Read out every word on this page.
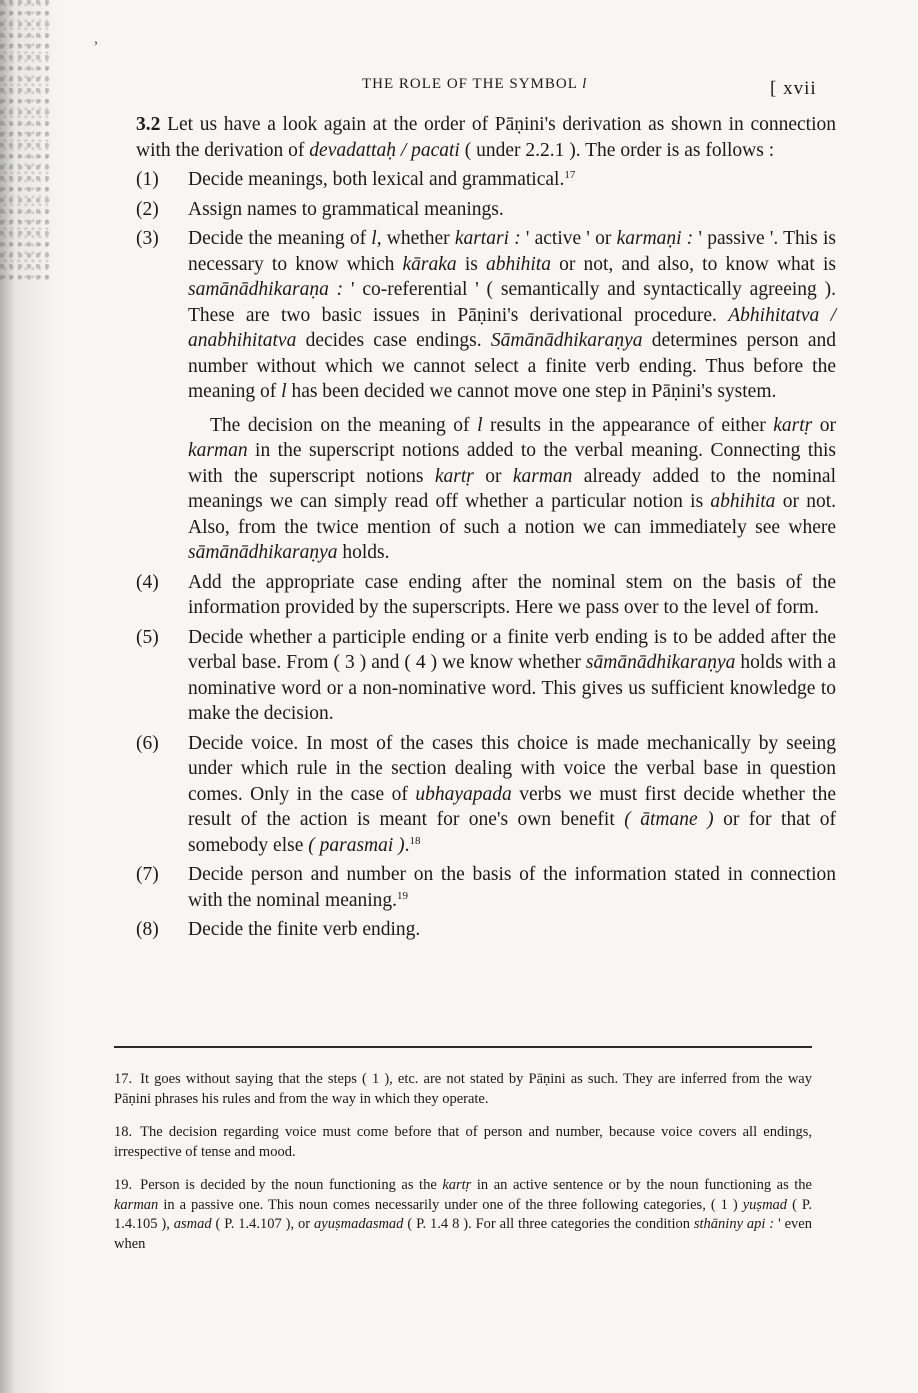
,
THE ROLE OF THE SYMBOL l	[ xvii

3.2 Let us have a look again at the order of Pāṇini's derivation as shown in connection with the derivation of devadattaḥ / pacati ( under 2.2.1 ). The order is as follows :

(1)	Decide meanings, both lexical and grammatical.$^{17}$

(2)	Assign names to grammatical meanings.

(3)	Decide the meaning of l, whether kartari : ' active ' or karmaṇi : ' passive '. This is necessary to know which kāraka is abhihita or not, and also, to know what is samānādhikaraṇa : ' co-referential ' ( semantically and syntactically agreeing ). These are two basic issues in Pāṇini's derivational procedure. Abhihitatva / anabhihitatva decides case endings. Sāmānādhikaraṇya determines person and number without which we cannot select a finite verb ending. Thus before the meaning of l has been decided we cannot move one step in Pāṇini's system.

The decision on the meaning of l results in the appearance of either kartṛ or karman in the superscript notions added to the verbal meaning. Connecting this with the superscript notions kartṛ or karman already added to the nominal meanings we can simply read off whether a particular notion is abhihita or not. Also, from the twice mention of such a notion we can immediately see where sāmānādhikaraṇya holds.

(4)	Add the appropriate case ending after the nominal stem on the basis of the information provided by the superscripts. Here we pass over to the level of form.

(5)	Decide whether a participle ending or a finite verb ending is to be added after the verbal base. From ( 3 ) and ( 4 ) we know whether sāmānādhikaraṇya holds with a nominative word or a non-nominative word. This gives us sufficient knowledge to make the decision.

(6)	Decide voice. In most of the cases this choice is made mechanically by seeing under which rule in the section dealing with voice the verbal base in question comes. Only in the case of ubhayapada verbs we must first decide whether the result of the action is meant for one's own benefit ( ātmane ) or for that of somebody else ( parasmai ).$^{18}$

(7)	Decide person and number on the basis of the information stated in connection with the nominal meaning.$^{19}$

(8)	Decide the finite verb ending.

17. It goes without saying that the steps ( 1 ), etc. are not stated by Pāṇini as such. They are inferred from the way Pāṇini phrases his rules and from the way in which they operate.

18. The decision regarding voice must come before that of person and number, because voice covers all endings, irrespective of tense and mood.

19. Person is decided by the noun functioning as the kartṛ in an active sentence or by the noun functioning as the karman in a passive one. This noun comes necessarily under one of the three following categories, ( 1 ) yuṣmad ( P. 1.4.105 ), asmad ( P. 1.4.107 ), or ayuṣmadasmad ( P. 1.4 8 ). For all three categories the condition sthāniny api : ' even when
